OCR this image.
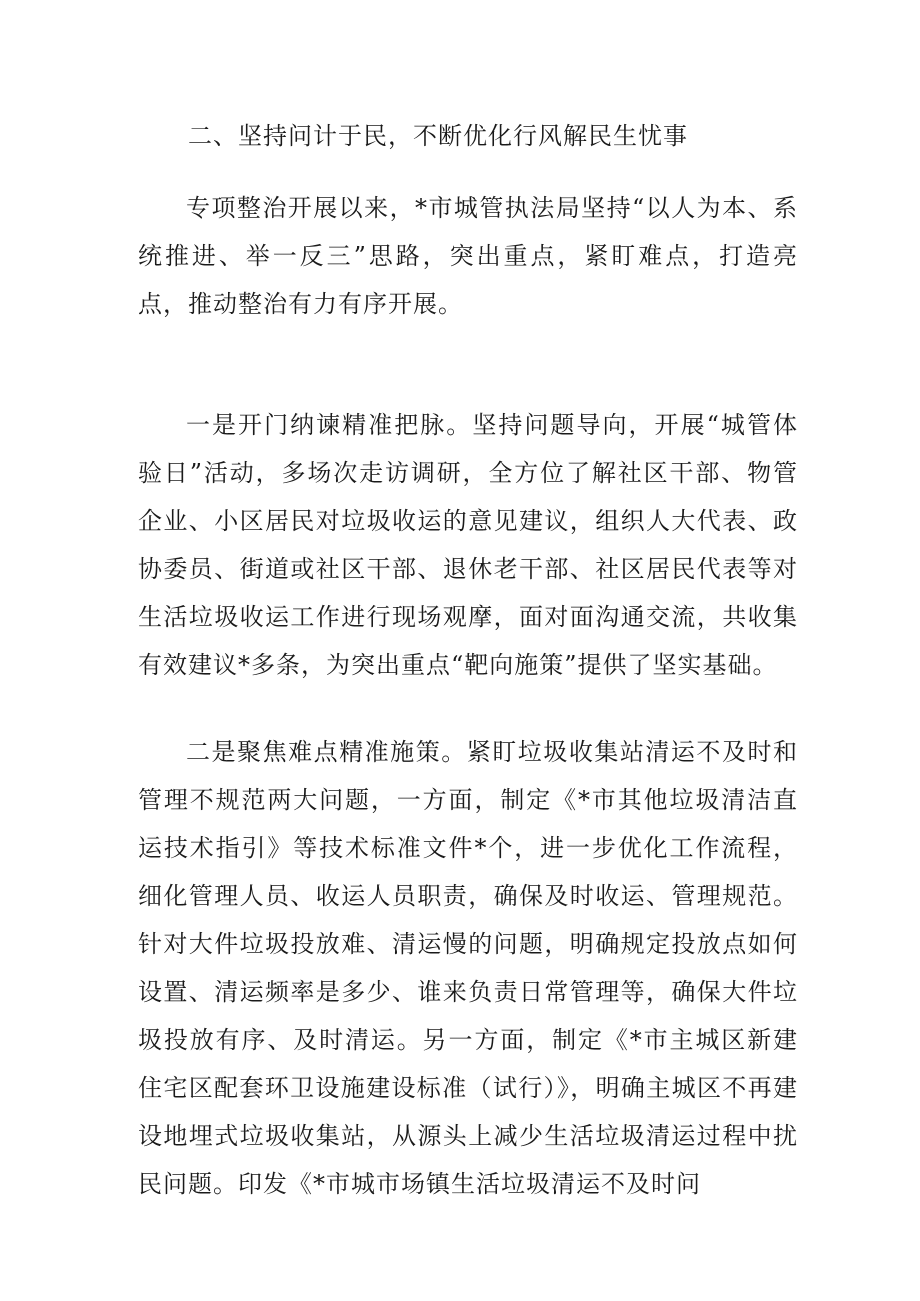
二、坚持问计于民，不断优化行风解民生忧事

专项整治开展以来，*市城管执法局坚持“以人为本、系统推进、举一反三”思路，突出重点，紧盯难点，打造亮点，推动整治有力有序开展。

一是开门纳谏精准把脉。坚持问题导向，开展“城管体验日”活动，多场次走访调研，全方位了解社区干部、物管企业、小区居民对垃圾收运的意见建议，组织人大代表、政协委员、街道或社区干部、退休老干部、社区居民代表等对生活垃圾收运工作进行现场观摩，面对面沟通交流，共收集有效建议*多条，为突出重点“靶向施策”提供了坚实基础。

二是聚焦难点精准施策。紧盯垃圾收集站清运不及时和管理不规范两大问题，一方面，制定《*市其他垃圾清洁直运技术指引》等技术标准文件*个，进一步优化工作流程，细化管理人员、收运人员职责，确保及时收运、管理规范。针对大件垃圾投放难、清运慢的问题，明确规定投放点如何设置、清运频率是多少、谁来负责日常管理等，确保大件垃圾投放有序、及时清运。另一方面，制定《*市主城区新建住宅区配套环卫设施建设标准（试行）》，明确主城区不再建设地埋式垃圾收集站，从源头上减少生活垃圾清运过程中扰民问题。印发《*市城市场镇生活垃圾清运不及时问
